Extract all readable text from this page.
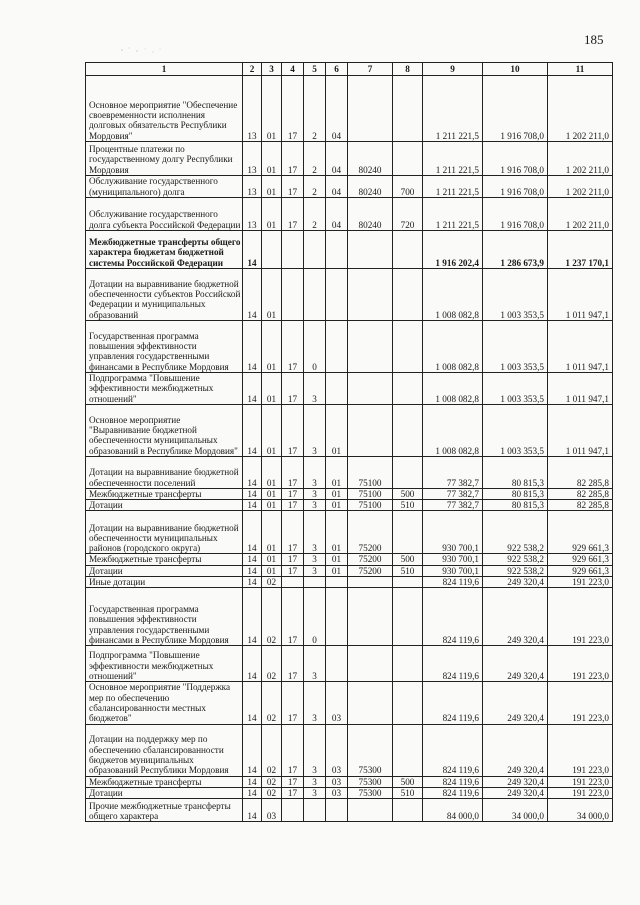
185
1	2	3	4	5	6	7	8	9	10	11
Основное мероприятие "Обеспечение своевременности исполнения долговых обязательств Республики Мордовия"	13	01	17	2	04			1 211 221,5	1 916 708,0	1 202 211,0
Процентные платежи по государственному долгу Республики Мордовия	13	01	17	2	04	80240		1 211 221,5	1 916 708,0	1 202 211,0
Обслуживание государственного (муниципального) долга	13	01	17	2	04	80240	700	1 211 221,5	1 916 708,0	1 202 211,0
Обслуживание государственного долга субъекта Российской Федерации	13	01	17	2	04	80240	720	1 211 221,5	1 916 708,0	1 202 211,0
Межбюджетные трансферты общего характера бюджетам бюджетной системы Российской Федерации	14							1 916 202,4	1 286 673,9	1 237 170,1
Дотации на выравнивание бюджетной обеспеченности субъектов Российской Федерации и муниципальных образований	14	01						1 008 082,8	1 003 353,5	1 011 947,1
Государственная программа повышения эффективности управления государственными финансами в Республике Мордовия	14	01	17	0				1 008 082,8	1 003 353,5	1 011 947,1
Подпрограмма "Повышение эффективности межбюджетных отношений"	14	01	17	3				1 008 082,8	1 003 353,5	1 011 947,1
Основное мероприятие "Выравнивание бюджетной обеспеченности муниципальных образований в Республике Мордовия"	14	01	17	3	01			1 008 082,8	1 003 353,5	1 011 947,1
Дотации на выравнивание бюджетной обеспеченности поселений	14	01	17	3	01	75100		77 382,7	80 815,3	82 285,8
Межбюджетные трансферты	14	01	17	3	01	75100	500	77 382,7	80 815,3	82 285,8
Дотации	14	01	17	3	01	75100	510	77 382,7	80 815,3	82 285,8
Дотации на выравнивание бюджетной обеспеченности муниципальных районов (городского округа)	14	01	17	3	01	75200		930 700,1	922 538,2	929 661,3
Межбюджетные трансферты	14	01	17	3	01	75200	500	930 700,1	922 538,2	929 661,3
Дотации	14	01	17	3	01	75200	510	930 700,1	922 538,2	929 661,3
Иные дотации	14	02						824 119,6	249 320,4	191 223,0
Государственная программа повышения эффективности управления государственными финансами в Республике Мордовия	14	02	17	0				824 119,6	249 320,4	191 223,0
Подпрограмма "Повышение эффективности межбюджетных отношений"	14	02	17	3				824 119,6	249 320,4	191 223,0
Основное мероприятие "Поддержка мер по обеспечению сбалансированности местных бюджетов"	14	02	17	3	03			824 119,6	249 320,4	191 223,0
Дотации на поддержку мер по обеспечению сбалансированности бюджетов муниципальных образований Республики Мордовия	14	02	17	3	03	75300		824 119,6	249 320,4	191 223,0
Межбюджетные трансферты	14	02	17	3	03	75300	500	824 119,6	249 320,4	191 223,0
Дотации	14	02	17	3	03	75300	510	824 119,6	249 320,4	191 223,0
Прочие межбюджетные трансферты общего характера	14	03						84 000,0	34 000,0	34 000,0
